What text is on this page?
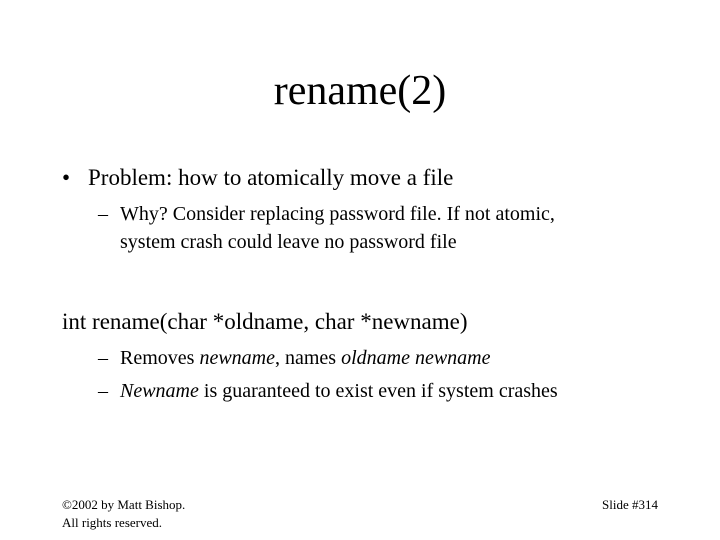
rename(2)
• Problem: how to atomically move a file
– Why? Consider replacing password file. If not atomic,
system crash could leave no password file
int rename(char *oldname, char *newname)
– Removes newname, names oldname newname
– Newname is guaranteed to exist even if system crashes
©2002 by Matt Bishop.
All rights reserved.
Slide #314
